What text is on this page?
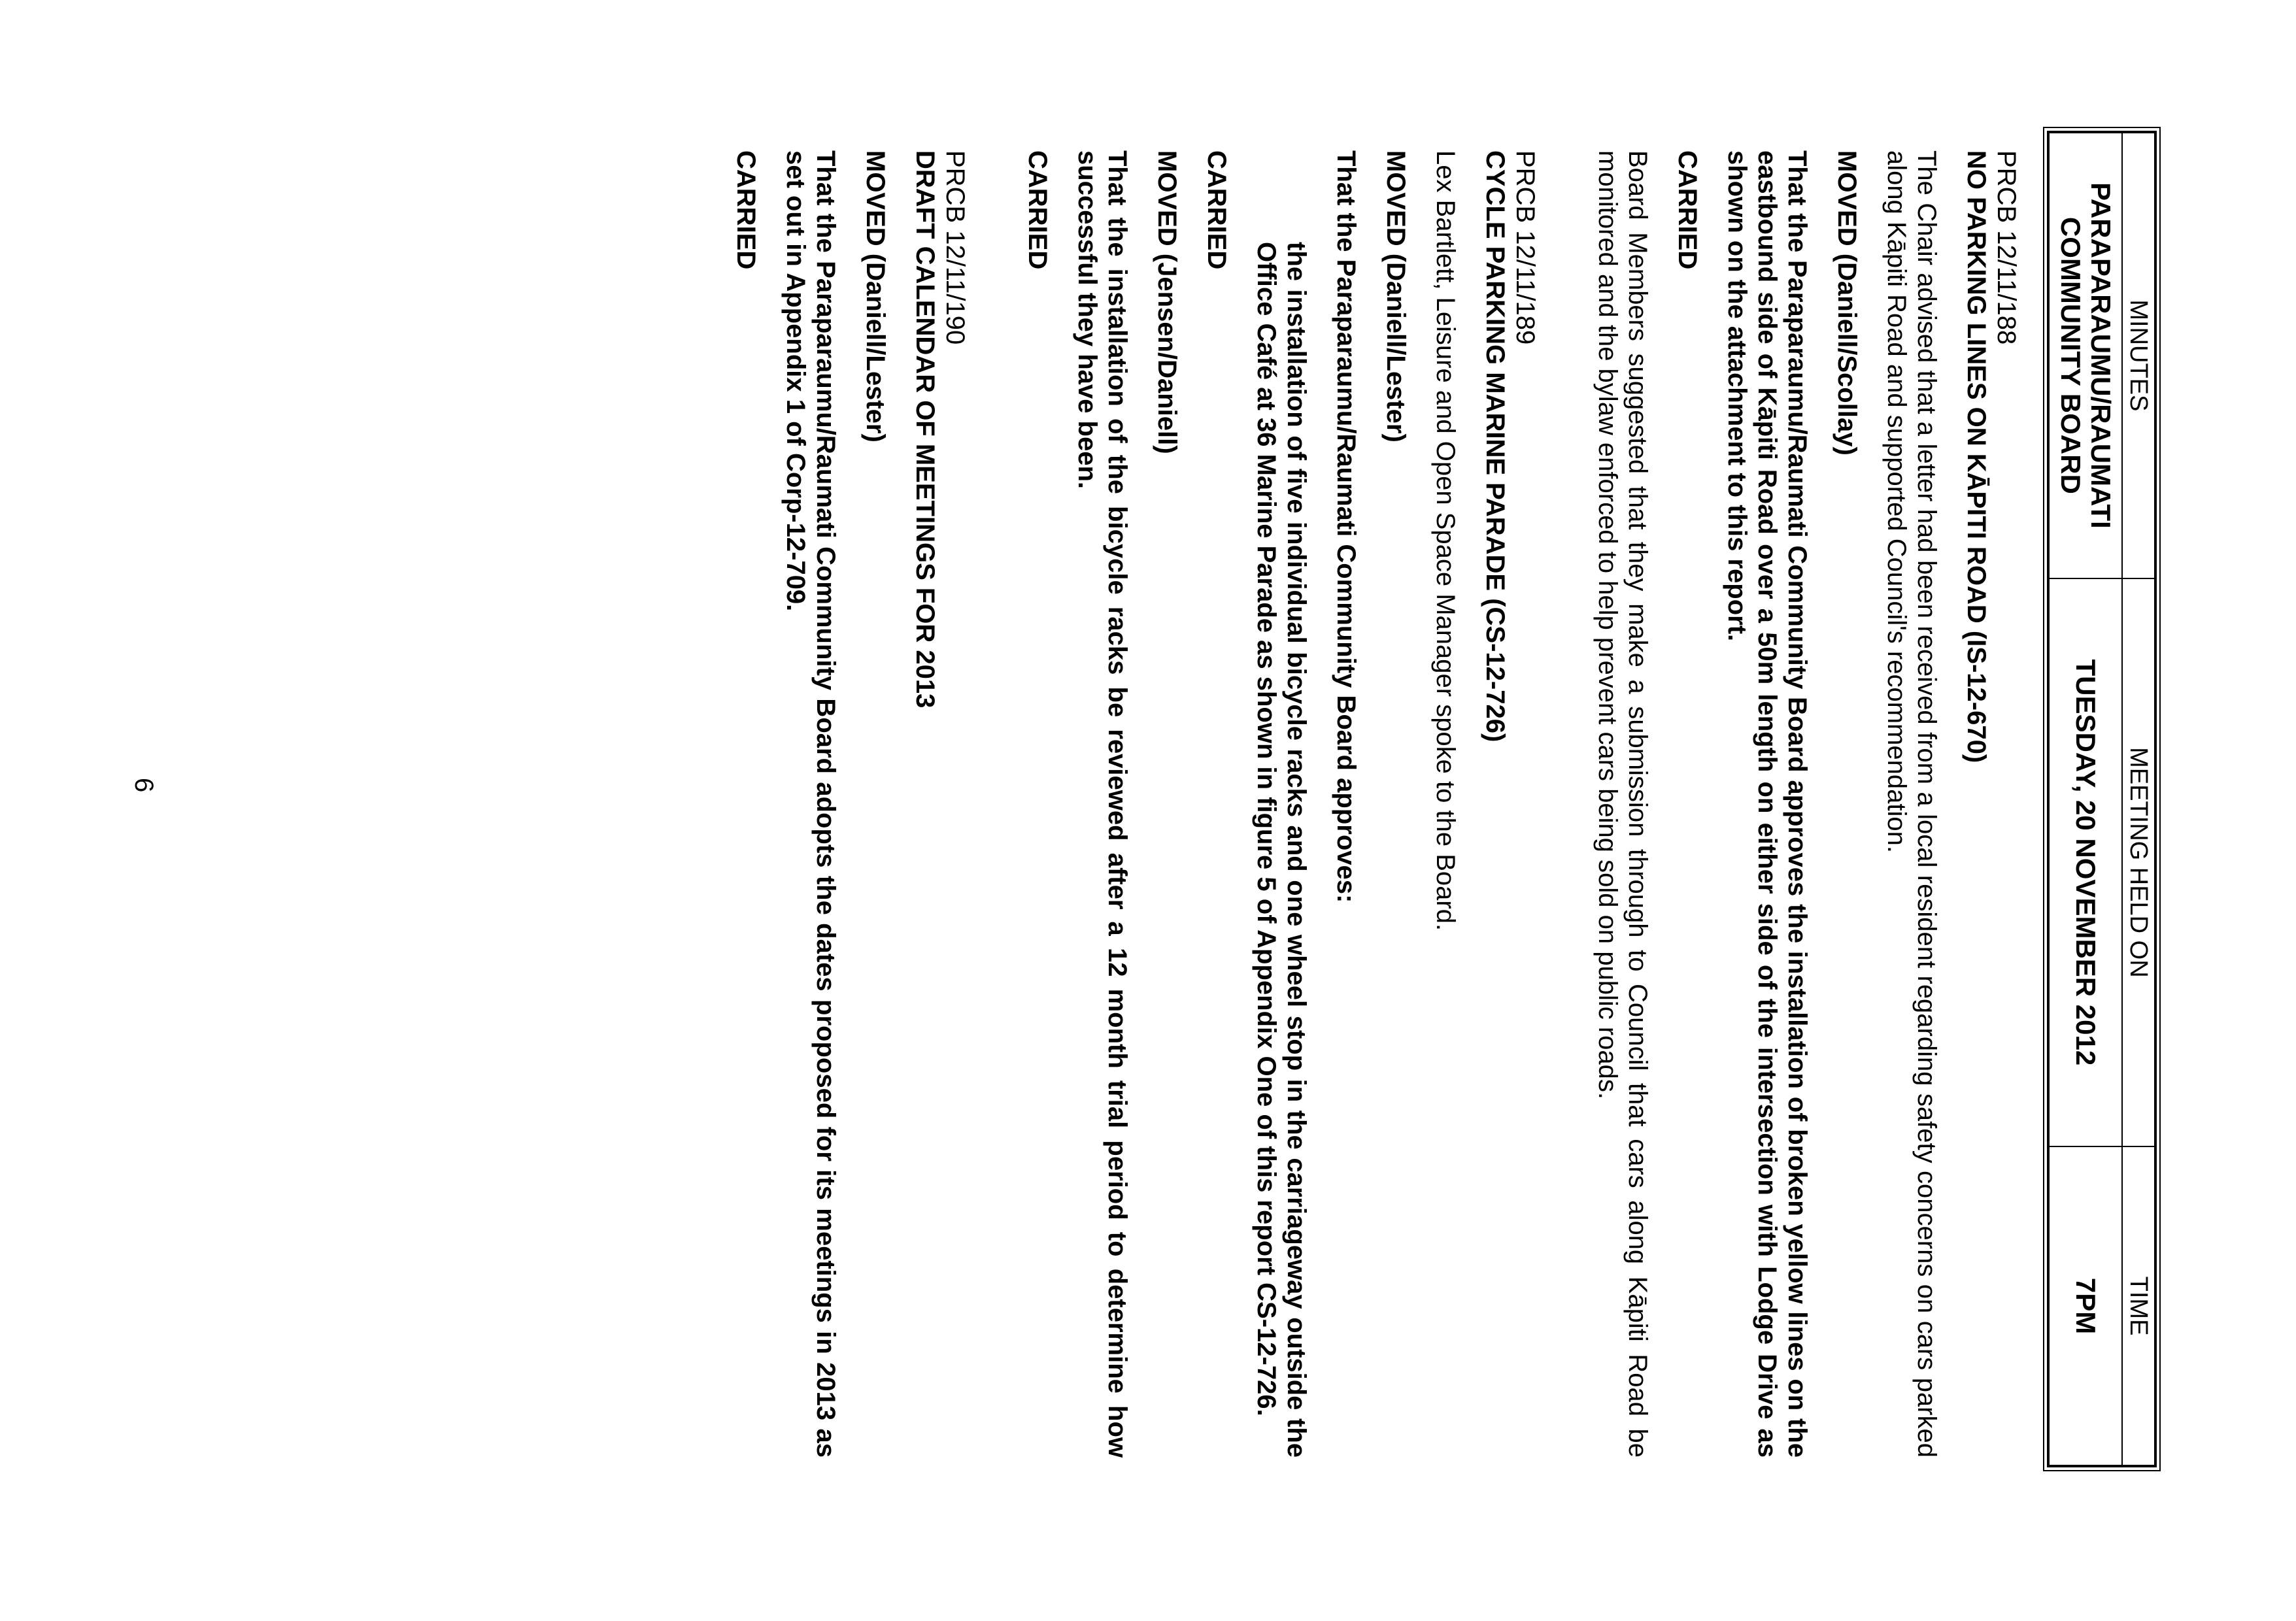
MINUTES	MEETING HELD ON	TIME
PARAPARAUMU/RAUMATI COMMUNITY BOARD	TUESDAY, 20 NOVEMBER 2012	7PM

PRCB 12/11/188

NO PARKING LINES ON KĀPITI ROAD (IS-12-670)

The Chair advised that a letter had been received from a local resident regarding safety concerns on cars parked along Kāpiti Road and supported Council's recommendation.

MOVED (Daniell/Scollay)

That the Paraparaumu/Raumati Community Board approves the installation of broken yellow lines on the eastbound side of Kāpiti Road over a 50m length on either side of the intersection with Lodge Drive as shown on the attachment to this report.

CARRIED

Board Members suggested that they make a submission through to Council that cars along Kāpiti Road be monitored and the bylaw enforced to help prevent cars being sold on public roads.

PRCB 12/11/189

CYCLE PARKING MARINE PARADE (CS-12-726)

Lex Bartlett, Leisure and Open Space Manager spoke to the Board.

MOVED (Daniell/Lester)

That the Paraparaumu/Raumati Community Board approves:

the installation of five individual bicycle racks and one wheel stop in the carriageway outside the Office Café at 36 Marine Parade as shown in figure 5 of Appendix One of this report CS-12-726.

CARRIED

MOVED (Jensen/Daniell)

That the installation of the bicycle racks be reviewed after a 12 month trial period to determine how successful they have been.

CARRIED

PRCB 12/11/190

DRAFT CALENDAR OF MEETINGS FOR 2013

MOVED (Daniell/Lester)

That the Paraparaumu/Raumati Community Board adopts the dates proposed for its meetings in 2013 as set out in Appendix 1 of Corp-12-709.

CARRIED

6
